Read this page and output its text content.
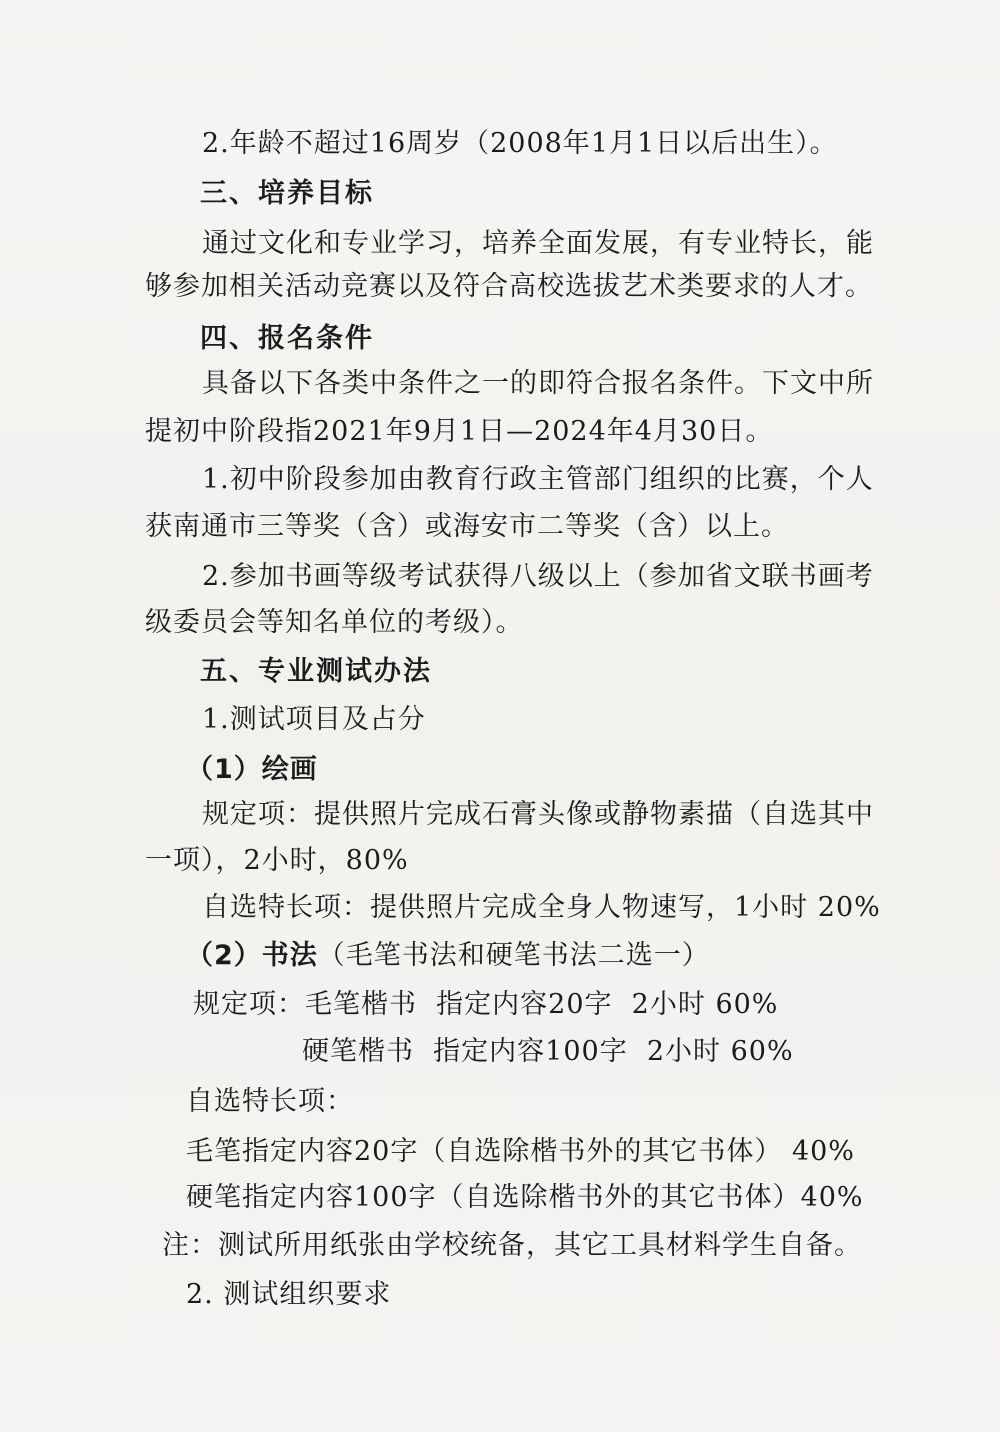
2.年龄不超过16周岁（2008年1月1日以后出生）。
三、培养目标
通过文化和专业学习，培养全面发展，有专业特长，能
够参加相关活动竞赛以及符合高校选拔艺术类要求的人才。
四、报名条件
具备以下各类中条件之一的即符合报名条件。下文中所
提初中阶段指2021年9月1日—2024年4月30日。
1.初中阶段参加由教育行政主管部门组织的比赛，个人
获南通市三等奖（含）或海安市二等奖（含）以上。
2.参加书画等级考试获得八级以上（参加省文联书画考
级委员会等知名单位的考级）。
五、专业测试办法
1.测试项目及占分
（1）绘画
规定项：提供照片完成石膏头像或静物素描（自选其中
一项），2小时，80%
自选特长项：提供照片完成全身人物速写，1小时 20%
（2）书法（毛笔书法和硬笔书法二选一）
规定项：毛笔楷书  指定内容20字  2小时 60%
硬笔楷书  指定内容100字  2小时 60%
自选特长项：
毛笔指定内容20字（自选除楷书外的其它书体） 40%
硬笔指定内容100字（自选除楷书外的其它书体）40%
注：测试所用纸张由学校统备，其它工具材料学生自备。
2. 测试组织要求
